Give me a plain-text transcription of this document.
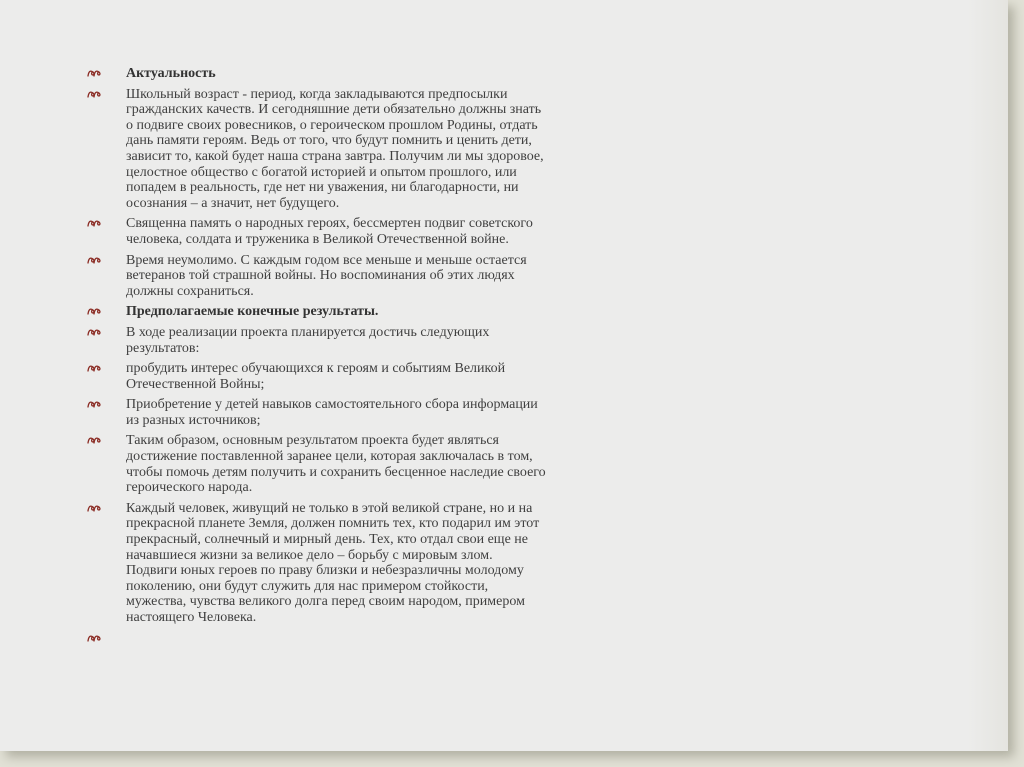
Актуальность
Школьный возраст - период, когда закладываются предпосылки гражданских качеств. И сегодняшние дети обязательно должны знать о подвиге своих ровесников, о героическом прошлом Родины, отдать дань памяти героям. Ведь от того, что будут помнить и ценить дети, зависит то, какой будет наша страна завтра. Получим ли мы здоровое, целостное общество с богатой историей и опытом прошлого, или попадем в реальность, где нет ни уважения, ни благодарности, ни осознания – а значит, нет будущего.
Священна память о народных героях, бессмертен подвиг советского человека, солдата и труженика в Великой Отечественной войне.
Время неумолимо. С каждым годом все меньше и меньше остается ветеранов той страшной войны. Но воспоминания об этих людях должны сохраниться.
Предполагаемые конечные результаты.
В ходе реализации проекта планируется достичь следующих результатов:
пробудить интерес обучающихся к героям и событиям Великой Отечественной Войны;
Приобретение у детей навыков самостоятельного сбора информации из разных источников;
Таким образом, основным результатом проекта будет являться достижение поставленной заранее цели, которая заключалась в том, чтобы помочь детям получить и сохранить бесценное наследие своего героического народа.
Каждый человек, живущий не только в этой великой стране, но и на прекрасной планете Земля, должен помнить тех, кто подарил им этот прекрасный, солнечный и мирный день. Тех, кто отдал свои еще не начавшиеся жизни за великое дело – борьбу с мировым злом. Подвиги юных героев по праву близки и небезразличны молодому поколению, они будут служить для нас примером стойкости, мужества, чувства великого долга перед своим народом, примером настоящего Человека.
